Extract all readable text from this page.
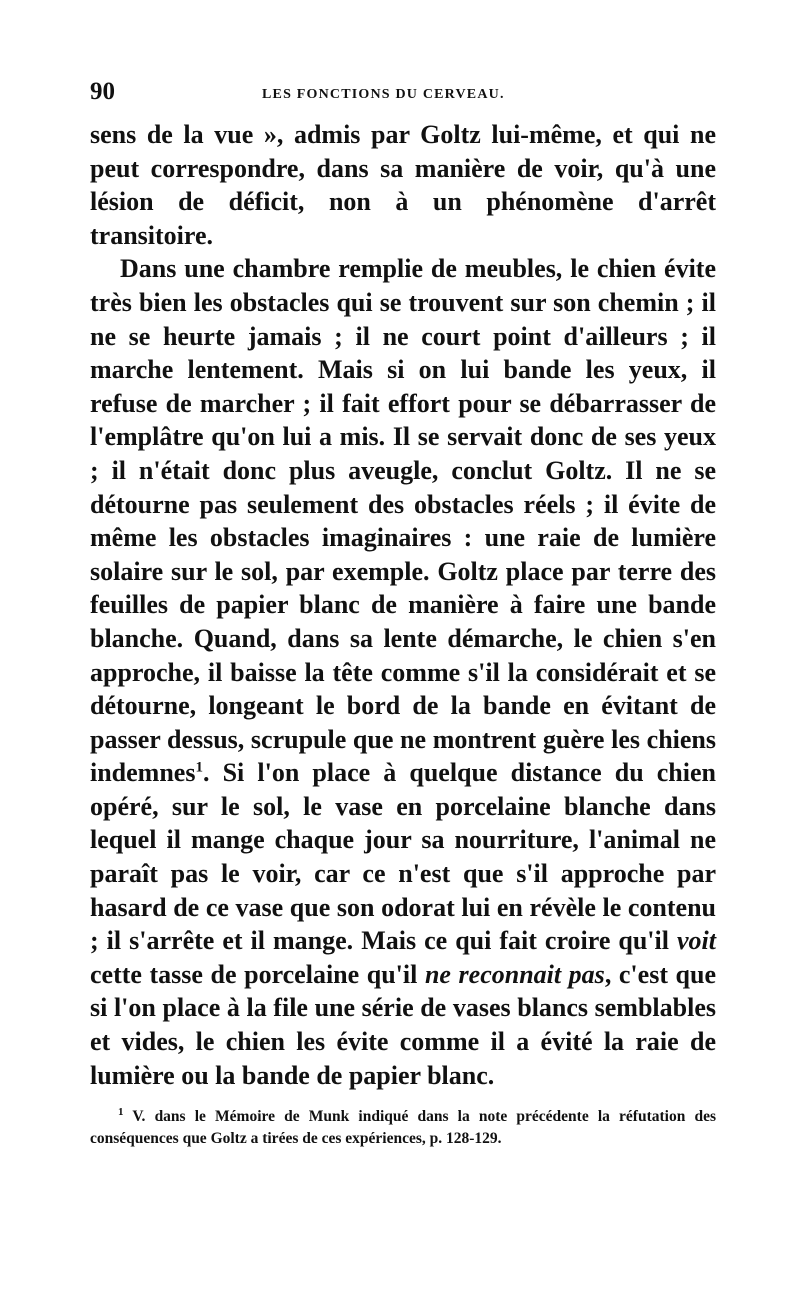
90	LES FONCTIONS DU CERVEAU.

sens de la vue », admis par Goltz lui-même, et qui ne peut correspondre, dans sa manière de voir, qu'à une lésion de déficit, non à un phénomène d'arrêt transitoire.

Dans une chambre remplie de meubles, le chien évite très bien les obstacles qui se trouvent sur son chemin ; il ne se heurte jamais ; il ne court point d'ailleurs ; il marche lentement. Mais si on lui bande les yeux, il refuse de marcher ; il fait effort pour se débarrasser de l'emplâtre qu'on lui a mis. Il se servait donc de ses yeux ; il n'était donc plus aveugle, conclut Goltz. Il ne se détourne pas seulement des obstacles réels ; il évite de même les obstacles imaginaires : une raie de lumière solaire sur le sol, par exemple. Goltz place par terre des feuilles de papier blanc de manière à faire une bande blanche. Quand, dans sa lente démarche, le chien s'en approche, il baisse la tête comme s'il la considérait et se détourne, longeant le bord de la bande en évitant de passer dessus, scrupule que ne montrent guère les chiens indemnes$^1$. Si l'on place à quelque distance du chien opéré, sur le sol, le vase en porcelaine blanche dans lequel il mange chaque jour sa nourriture, l'animal ne paraît pas le voir, car ce n'est que s'il approche par hasard de ce vase que son odorat lui en révèle le contenu ; il s'arrête et il mange. Mais ce qui fait croire qu'il voit cette tasse de porcelaine qu'il ne reconnait pas, c'est que si l'on place à la file une série de vases blancs semblables et vides, le chien les évite comme il a évité la raie de lumière ou la bande de papier blanc.

$^1$ V. dans le Mémoire de Munk indiqué dans la note précédente la réfutation des conséquences que Goltz a tirées de ces expériences, p. 128-129.
